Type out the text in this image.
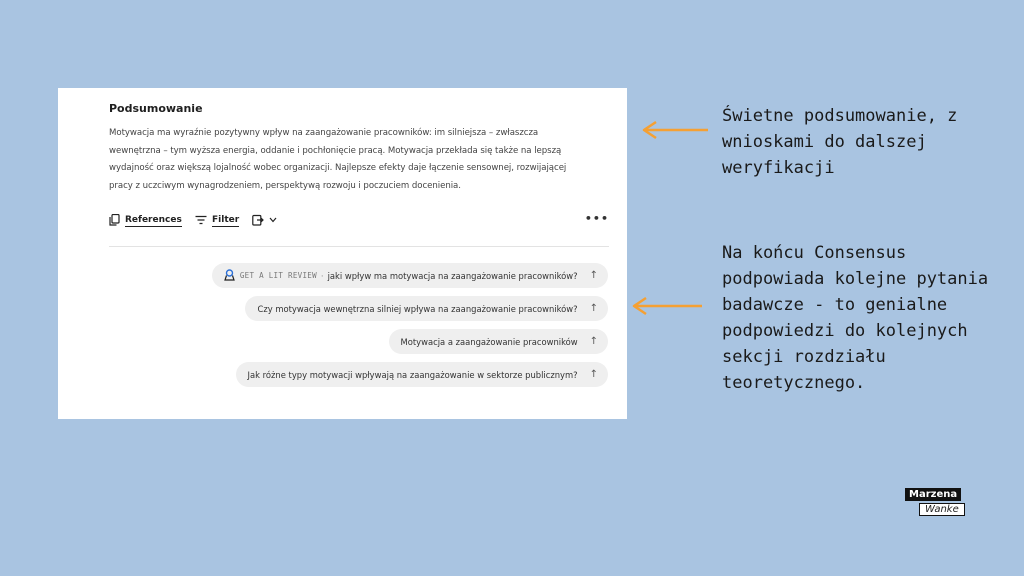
Podsumowanie
Motywacja ma wyraźnie pozytywny wpływ na zaangażowanie pracowników: im silniejsza – zwłaszcza
wewnętrzna – tym wyższa energia, oddanie i pochłonięcie pracą. Motywacja przekłada się także na lepszą
wydajność oraz większą lojalność wobec organizacji. Najlepsze efekty daje łączenie sensownej, rozwijającej
pracy z uczciwym wynagrodzeniem, perspektywą rozwoju i poczuciem docenienia.
References	Filter	•••
GET A LIT REVIEW · jaki wpływ ma motywacja na zaangażowanie pracowników? ↑
Czy motywacja wewnętrzna silniej wpływa na zaangażowanie pracowników? ↑
Motywacja a zaangażowanie pracowników ↑
Jak różne typy motywacji wpływają na zaangażowanie w sektorze publicznym? ↑
Świetne podsumowanie, z
wnioskami do dalszej
weryfikacji
Na końcu Consensus
podpowiada kolejne pytania
badawcze - to genialne
podpowiedzi do kolejnych
sekcji rozdziału teoretycznego.
Marzena
Wanke
